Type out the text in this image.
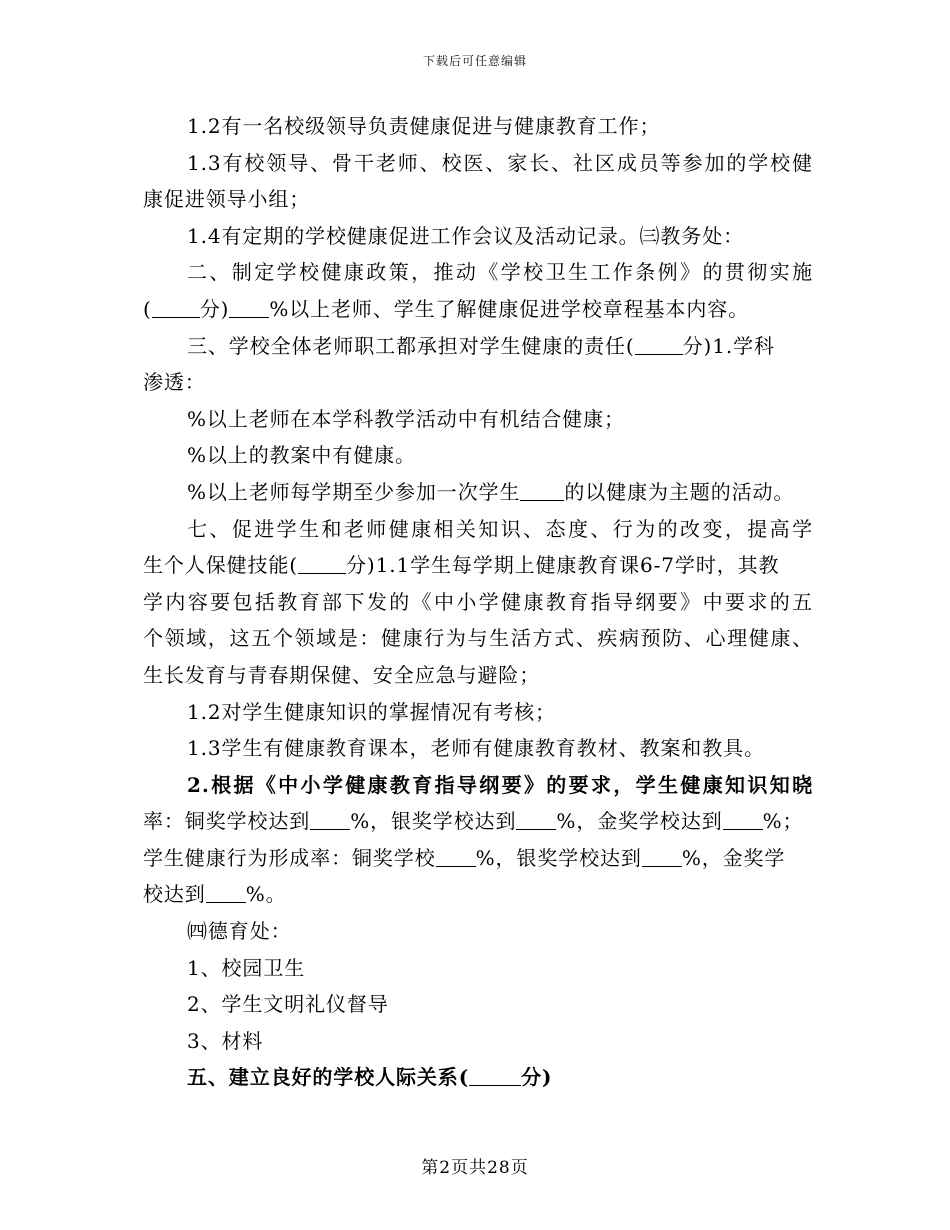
下载后可任意编辑
1.2有一名校级领导负责健康促进与健康教育工作；
1.3有校领导、骨干老师、校医、家长、社区成员等参加的学校健
康促进领导小组；
1.4有定期的学校健康促进工作会议及活动记录。㈢教务处：
二、制定学校健康政策，推动《学校卫生工作条例》的贯彻实施
( 分) %以上老师、学生了解健康促进学校章程基本内容。
三、学校全体老师职工都承担对学生健康的责任( 分)1.学科
渗透：
%以上老师在本学科教学活动中有机结合健康；
%以上的教案中有健康。
%以上老师每学期至少参加一次学生 的以健康为主题的活动。
七、促进学生和老师健康相关知识、态度、行为的改变，提高学
生个人保健技能( 分)1.1学生每学期上健康教育课6-7学时，其教
学内容要包括教育部下发的《中小学健康教育指导纲要》中要求的五
个领域，这五个领域是：健康行为与生活方式、疾病预防、心理健康、
生长发育与青春期保健、安全应急与避险；
1.2对学生健康知识的掌握情况有考核；
1.3学生有健康教育课本，老师有健康教育教材、教案和教具。
2.根据《中小学健康教育指导纲要》的要求，学生健康知识知晓
率：铜奖学校达到 %，银奖学校达到 %，金奖学校达到 %；
学生健康行为形成率：铜奖学校 %，银奖学校达到 %，金奖学
校达到 %。
㈣德育处：
1、校园卫生
2、学生文明礼仪督导
3、材料
五、建立良好的学校人际关系(	分)
第2页共28页
